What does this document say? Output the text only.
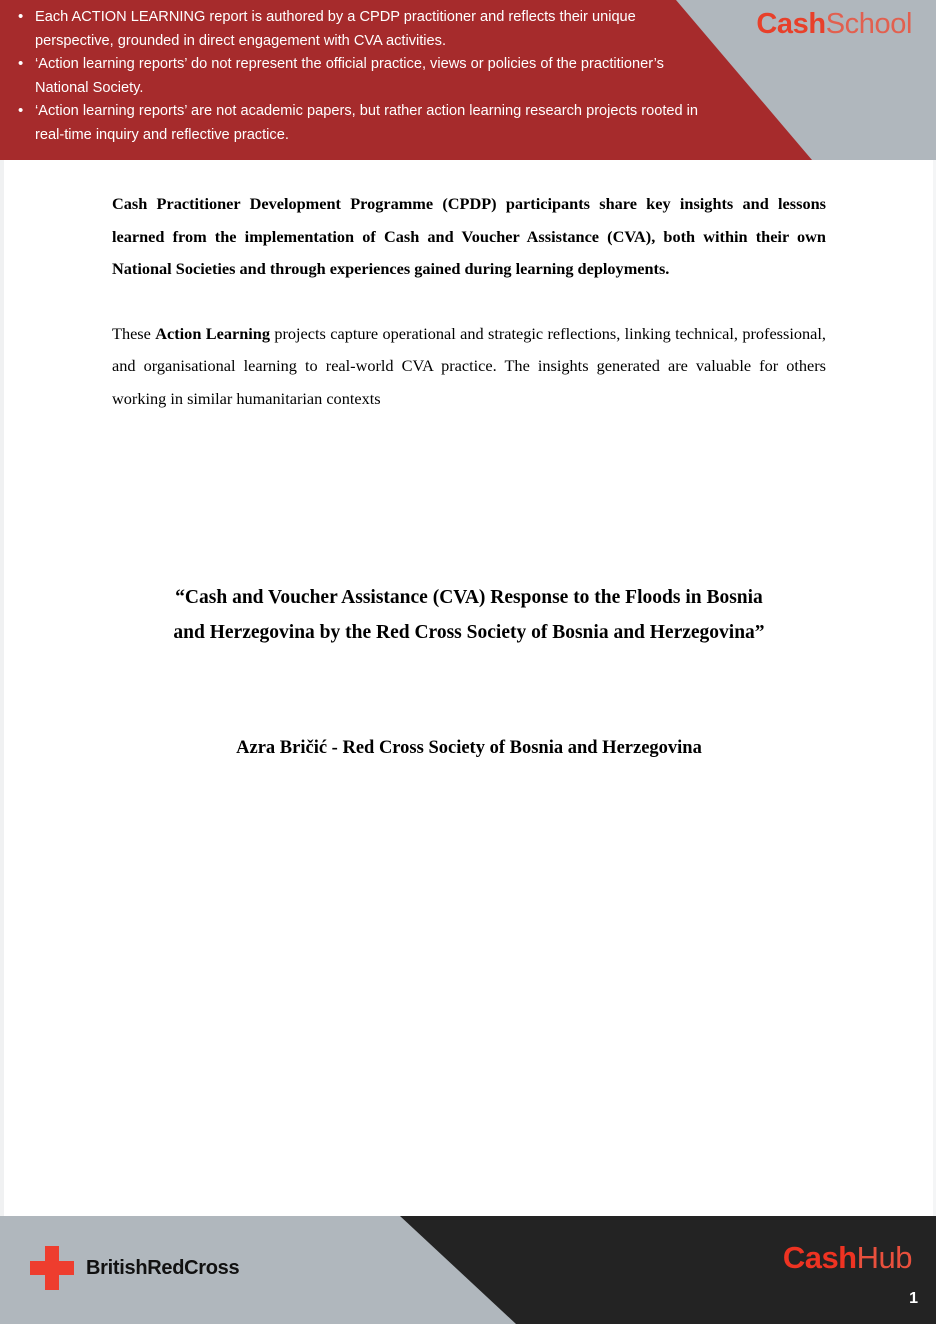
• Each ACTION LEARNING report is authored by a CPDP practitioner and reflects their unique perspective, grounded in direct engagement with CVA activities.
• ‘Action learning reports’ do not represent the official practice, views or policies of the practitioner’s National Society.
• ‘Action learning reports’ are not academic papers, but rather action learning research projects rooted in real-time inquiry and reflective practice.
CashSchool

Cash Practitioner Development Programme (CPDP) participants share key insights and lessons learned from the implementation of Cash and Voucher Assistance (CVA), both within their own National Societies and through experiences gained during learning deployments.

These Action Learning projects capture operational and strategic reflections, linking technical, professional, and organisational learning to real-world CVA practice. The insights generated are valuable for others working in similar humanitarian contexts

“Cash and Voucher Assistance (CVA) Response to the Floods in Bosnia
and Herzegovina by the Red Cross Society of Bosnia and Herzegovina”
Azra Bričić - Red Cross Society of Bosnia and Herzegovina
BritishRedCross	CashHub
1
